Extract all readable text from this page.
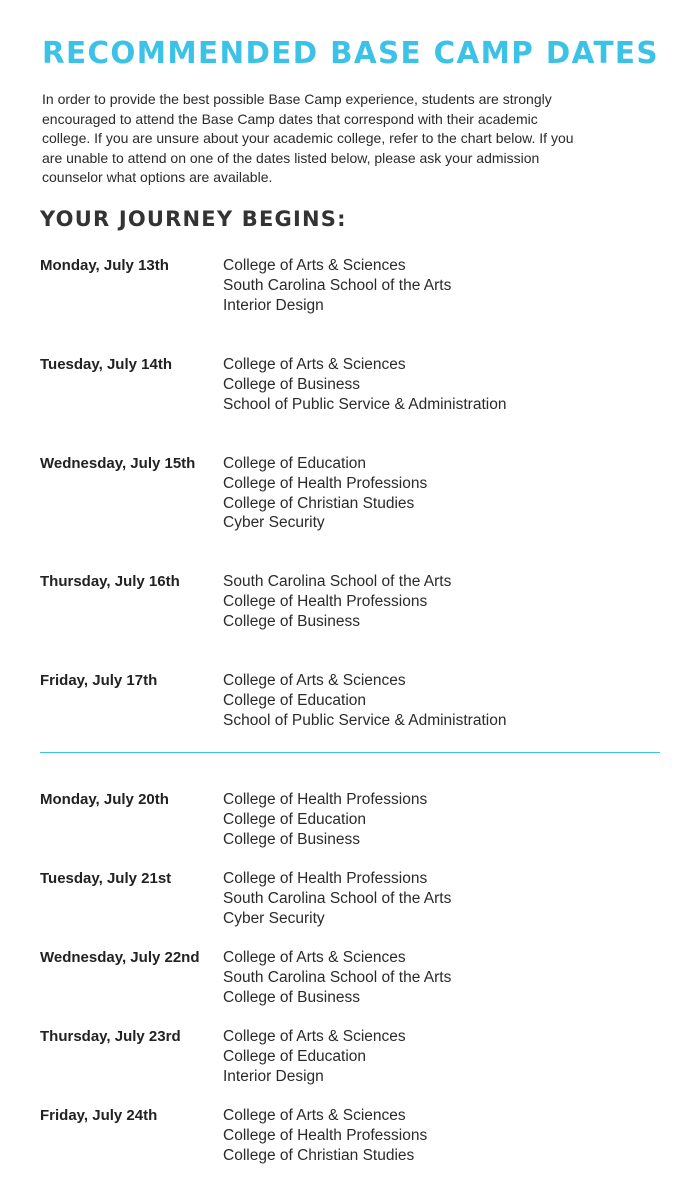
RECOMMENDED BASE CAMP DATES

In order to provide the best possible Base Camp experience, students are strongly encouraged to attend the Base Camp dates that correspond with their academic college. If you are unsure about your academic college, refer to the chart below. If you are unable to attend on one of the dates listed below, please ask your admission counselor what options are available.

YOUR JOURNEY BEGINS:
Monday, July 13th	College of Arts & Sciences
South Carolina School of the Arts
Interior Design
Tuesday, July 14th	College of Arts & Sciences
College of Business
School of Public Service & Administration
Wednesday, July 15th	College of Education
College of Health Professions
College of Christian Studies
Cyber Security
Thursday, July 16th	South Carolina School of the Arts
College of Health Professions
College of Business
Friday, July 17th	College of Arts & Sciences
College of Education
School of Public Service & Administration
Monday, July 20th	College of Health Professions
College of Education
College of Business
Tuesday, July 21st	College of Health Professions
South Carolina School of the Arts
Cyber Security
Wednesday, July 22nd	College of Arts & Sciences
South Carolina School of the Arts
College of Business
Thursday, July 23rd	College of Arts & Sciences
College of Education
Interior Design
Friday, July 24th	College of Arts & Sciences
College of Health Professions
College of Christian Studies
